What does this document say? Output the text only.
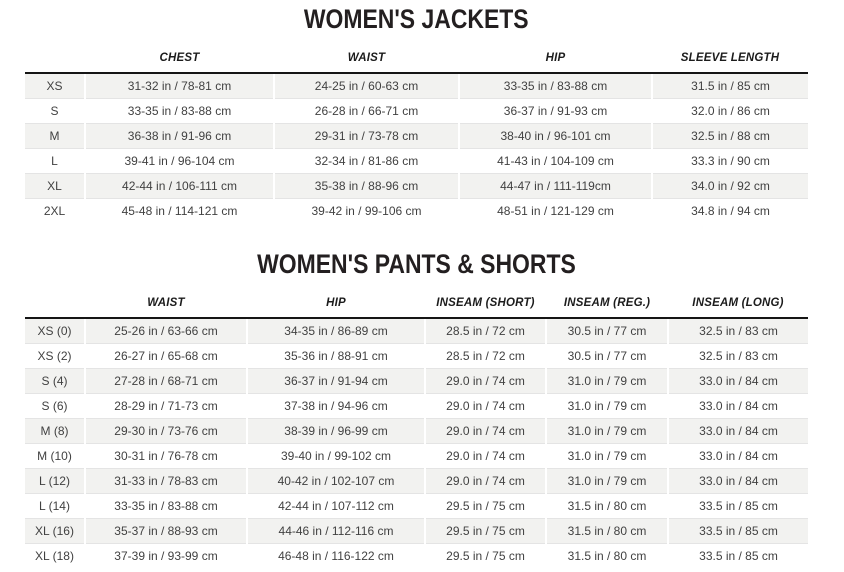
WOMEN'S JACKETS
	CHEST	WAIST	HIP	SLEEVE LENGTH
XS	31-32 in / 78-81 cm	24-25 in / 60-63 cm	33-35 in / 83-88 cm	31.5 in / 85 cm
S	33-35 in / 83-88 cm	26-28 in / 66-71 cm	36-37 in / 91-93 cm	32.0 in / 86 cm
M	36-38 in / 91-96 cm	29-31 in / 73-78 cm	38-40 in / 96-101 cm	32.5 in / 88 cm
L	39-41 in / 96-104 cm	32-34 in / 81-86 cm	41-43 in / 104-109 cm	33.3 in / 90 cm
XL	42-44 in / 106-111 cm	35-38 in / 88-96 cm	44-47 in / 111-119cm	34.0 in / 92 cm
2XL	45-48 in / 114-121 cm	39-42 in / 99-106 cm	48-51 in / 121-129 cm	34.8 in / 94 cm
WOMEN'S PANTS & SHORTS
	WAIST	HIP	INSEAM (SHORT)	INSEAM (REG.)	INSEAM (LONG)
XS (0)	25-26 in / 63-66 cm	34-35 in / 86-89 cm	28.5 in / 72 cm	30.5 in / 77 cm	32.5 in / 83 cm
XS (2)	26-27 in / 65-68 cm	35-36 in / 88-91 cm	28.5 in / 72 cm	30.5 in / 77 cm	32.5 in / 83 cm
S (4)	27-28 in / 68-71 cm	36-37 in / 91-94 cm	29.0 in / 74 cm	31.0 in / 79 cm	33.0 in / 84 cm
S (6)	28-29 in / 71-73 cm	37-38 in / 94-96 cm	29.0 in / 74 cm	31.0 in / 79 cm	33.0 in / 84 cm
M (8)	29-30 in / 73-76 cm	38-39 in / 96-99 cm	29.0 in / 74 cm	31.0 in / 79 cm	33.0 in / 84 cm
M (10)	30-31 in / 76-78 cm	39-40 in / 99-102 cm	29.0 in / 74 cm	31.0 in / 79 cm	33.0 in / 84 cm
L (12)	31-33 in / 78-83 cm	40-42 in / 102-107 cm	29.0 in / 74 cm	31.0 in / 79 cm	33.0 in / 84 cm
L (14)	33-35 in / 83-88 cm	42-44 in / 107-112 cm	29.5 in / 75 cm	31.5 in / 80 cm	33.5 in / 85 cm
XL (16)	35-37 in / 88-93 cm	44-46 in / 112-116 cm	29.5 in / 75 cm	31.5 in / 80 cm	33.5 in / 85 cm
XL (18)	37-39 in / 93-99 cm	46-48 in / 116-122 cm	29.5 in / 75 cm	31.5 in / 80 cm	33.5 in / 85 cm
